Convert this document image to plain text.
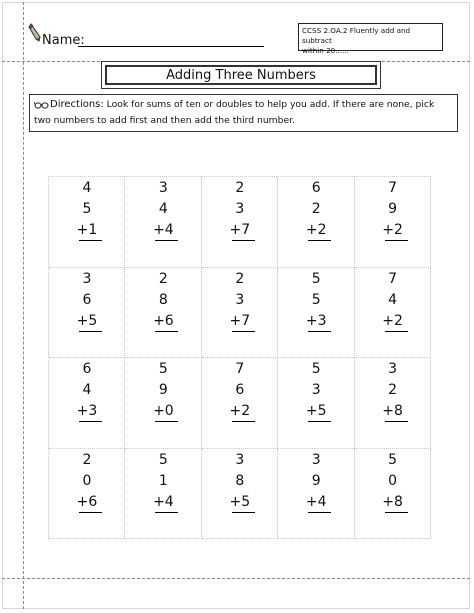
Name:
CCSS 2.OA.2 Fluently add and subtract
within 20......
Adding Three Numbers
Directions: Look for sums of ten or doubles to help you add. If there are none, pick two numbers to add first and then add the third number.
4
5
+1
3
4
+4
2
3
+7
6
2
+2
7
9
+2
3
6
+5
2
8
+6
2
3
+7
5
5
+3
7
4
+2
6
4
+3
5
9
+0
7
6
+2
5
3
+5
3
2
+8
2
0
+6
5
1
+4
3
8
+5
3
9
+4
5
0
+8
